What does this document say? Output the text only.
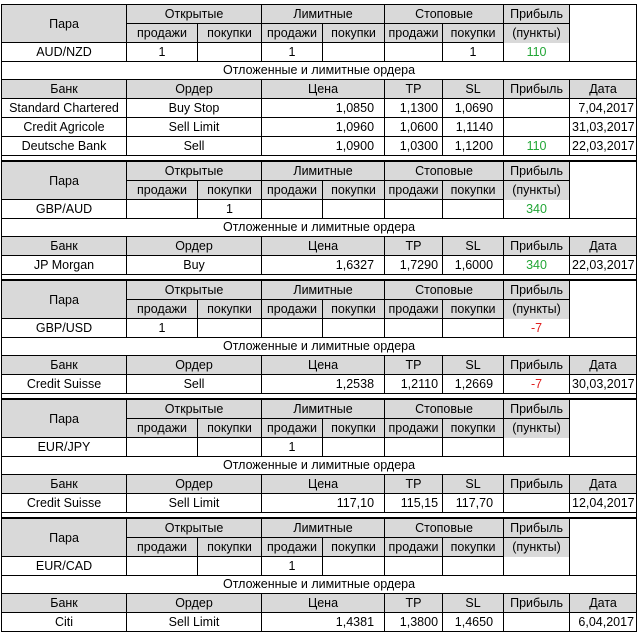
Пара	Открытые		Лимитные		Стоповые		Прибыль	
	продажи	покупки	продажи	покупки	продажи	покупки	(пункты)	
AUD/NZD	1		1			1	110	
Отложенные и лимитные ордера								
Банк	Ордер		Цена		TP	SL	Прибыль	Дата
Standard Chartered	Buy Stop		1,0850		1,1300	1,0690		7,04,2017
Credit Agricole	Sell Limit		1,0960		1,0600	1,1140		31,03,2017
Deutsche Bank	Sell		1,0900		1,0300	1,1200	110	22,03,2017

Пара	Открытые		Лимитные		Стоповые		Прибыль	
	продажи	покупки	продажи	покупки	продажи	покупки	(пункты)	
GBP/AUD		1					340	
Отложенные и лимитные ордера								
Банк	Ордер		Цена		TP	SL	Прибыль	Дата
JP Morgan	Buy		1,6327		1,7290	1,6000	340	22,03,2017

Пара	Открытые		Лимитные		Стоповые		Прибыль	
	продажи	покупки	продажи	покупки	продажи	покупки	(пункты)	
GBP/USD	1						-7	
Отложенные и лимитные ордера								
Банк	Ордер		Цена		TP	SL	Прибыль	Дата
Credit Suisse	Sell		1,2538		1,2110	1,2669	-7	30,03,2017

Пара	Открытые		Лимитные		Стоповые		Прибыль	
	продажи	покупки	продажи	покупки	продажи	покупки	(пункты)	
EUR/JPY			1					
Отложенные и лимитные ордера								
Банк	Ордер		Цена		TP	SL	Прибыль	Дата
Credit Suisse	Sell Limit		117,10		115,15	117,70		12,04,2017

Пара	Открытые		Лимитные		Стоповые		Прибыль	
	продажи	покупки	продажи	покупки	продажи	покупки	(пункты)	
EUR/CAD			1					
Отложенные и лимитные ордера								
Банк	Ордер		Цена		TP	SL	Прибыль	Дата
Citi	Sell Limit		1,4381		1,3800	1,4650		6,04,2017
